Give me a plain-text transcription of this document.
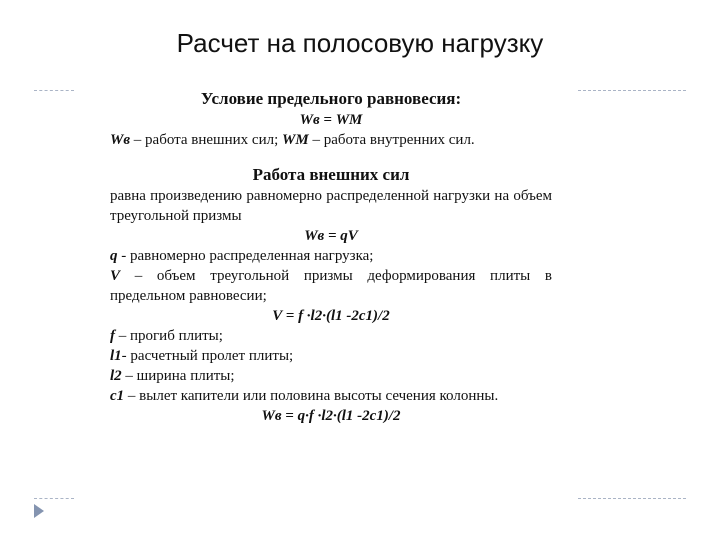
Расчет на полосовую нагрузку

Условие предельного равновесия:

Wв = WМ

Wв – работа внешних сил; WМ – работа внутренних сил.

Работа внешних сил

равна произведению равномерно распределенной нагрузки на объем треугольной призмы

Wв = qV

q - равномерно распределенная нагрузка;

V – объем треугольной призмы деформирования плиты в предельном равновесии;

V = f ·l2·(l1 -2c1)/2

f – прогиб плиты;

l1- расчетный пролет плиты;

l2 – ширина плиты;

c1 – вылет капители или половина высоты сечения колонны.

Wв = q·f ·l2·(l1 -2c1)/2
